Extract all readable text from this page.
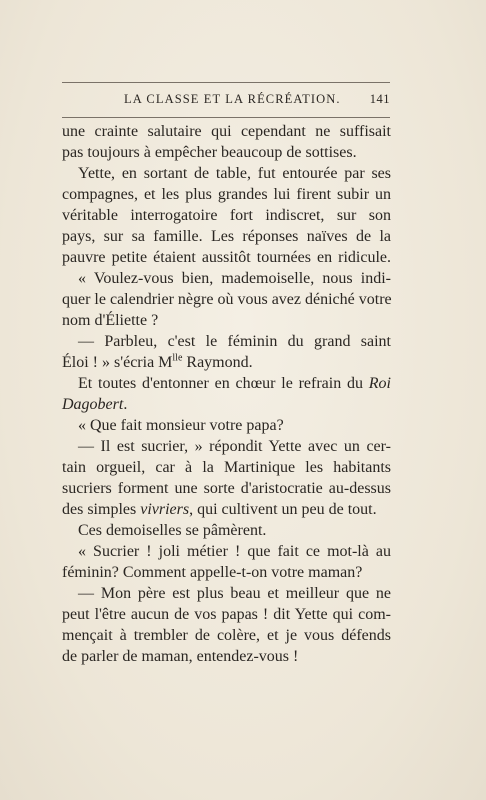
LA CLASSE ET LA RÉCRÉATION. 141
une crainte salutaire qui cependant ne suffisait
pas toujours à empêcher beaucoup de sottises.
Yette, en sortant de table, fut entourée par ses
compagnes, et les plus grandes lui firent subir un
véritable interrogatoire fort indiscret, sur son
pays, sur sa famille. Les réponses naïves de la
pauvre petite étaient aussitôt tournées en ridicule.
« Voulez-vous bien, mademoiselle, nous indi-
quer le calendrier nègre où vous avez déniché votre
nom d'Éliette ?
— Parbleu, c'est le féminin du grand saint
Éloi ! » s'écria $M^{lle}$ Raymond.
Et toutes d'entonner en chœur le refrain du Roi
Dagobert.
« Que fait monsieur votre papa?
— Il est sucrier, » répondit Yette avec un cer-
tain orgueil, car à la Martinique les habitants
sucriers forment une sorte d'aristocratie au-dessus
des simples vivriers, qui cultivent un peu de tout.
Ces demoiselles se pâmèrent.
« Sucrier ! joli métier ! que fait ce mot-là au
féminin? Comment appelle-t-on votre maman?
— Mon père est plus beau et meilleur que ne
peut l'être aucun de vos papas ! dit Yette qui com-
mençait à trembler de colère, et je vous défends
de parler de maman, entendez-vous !
